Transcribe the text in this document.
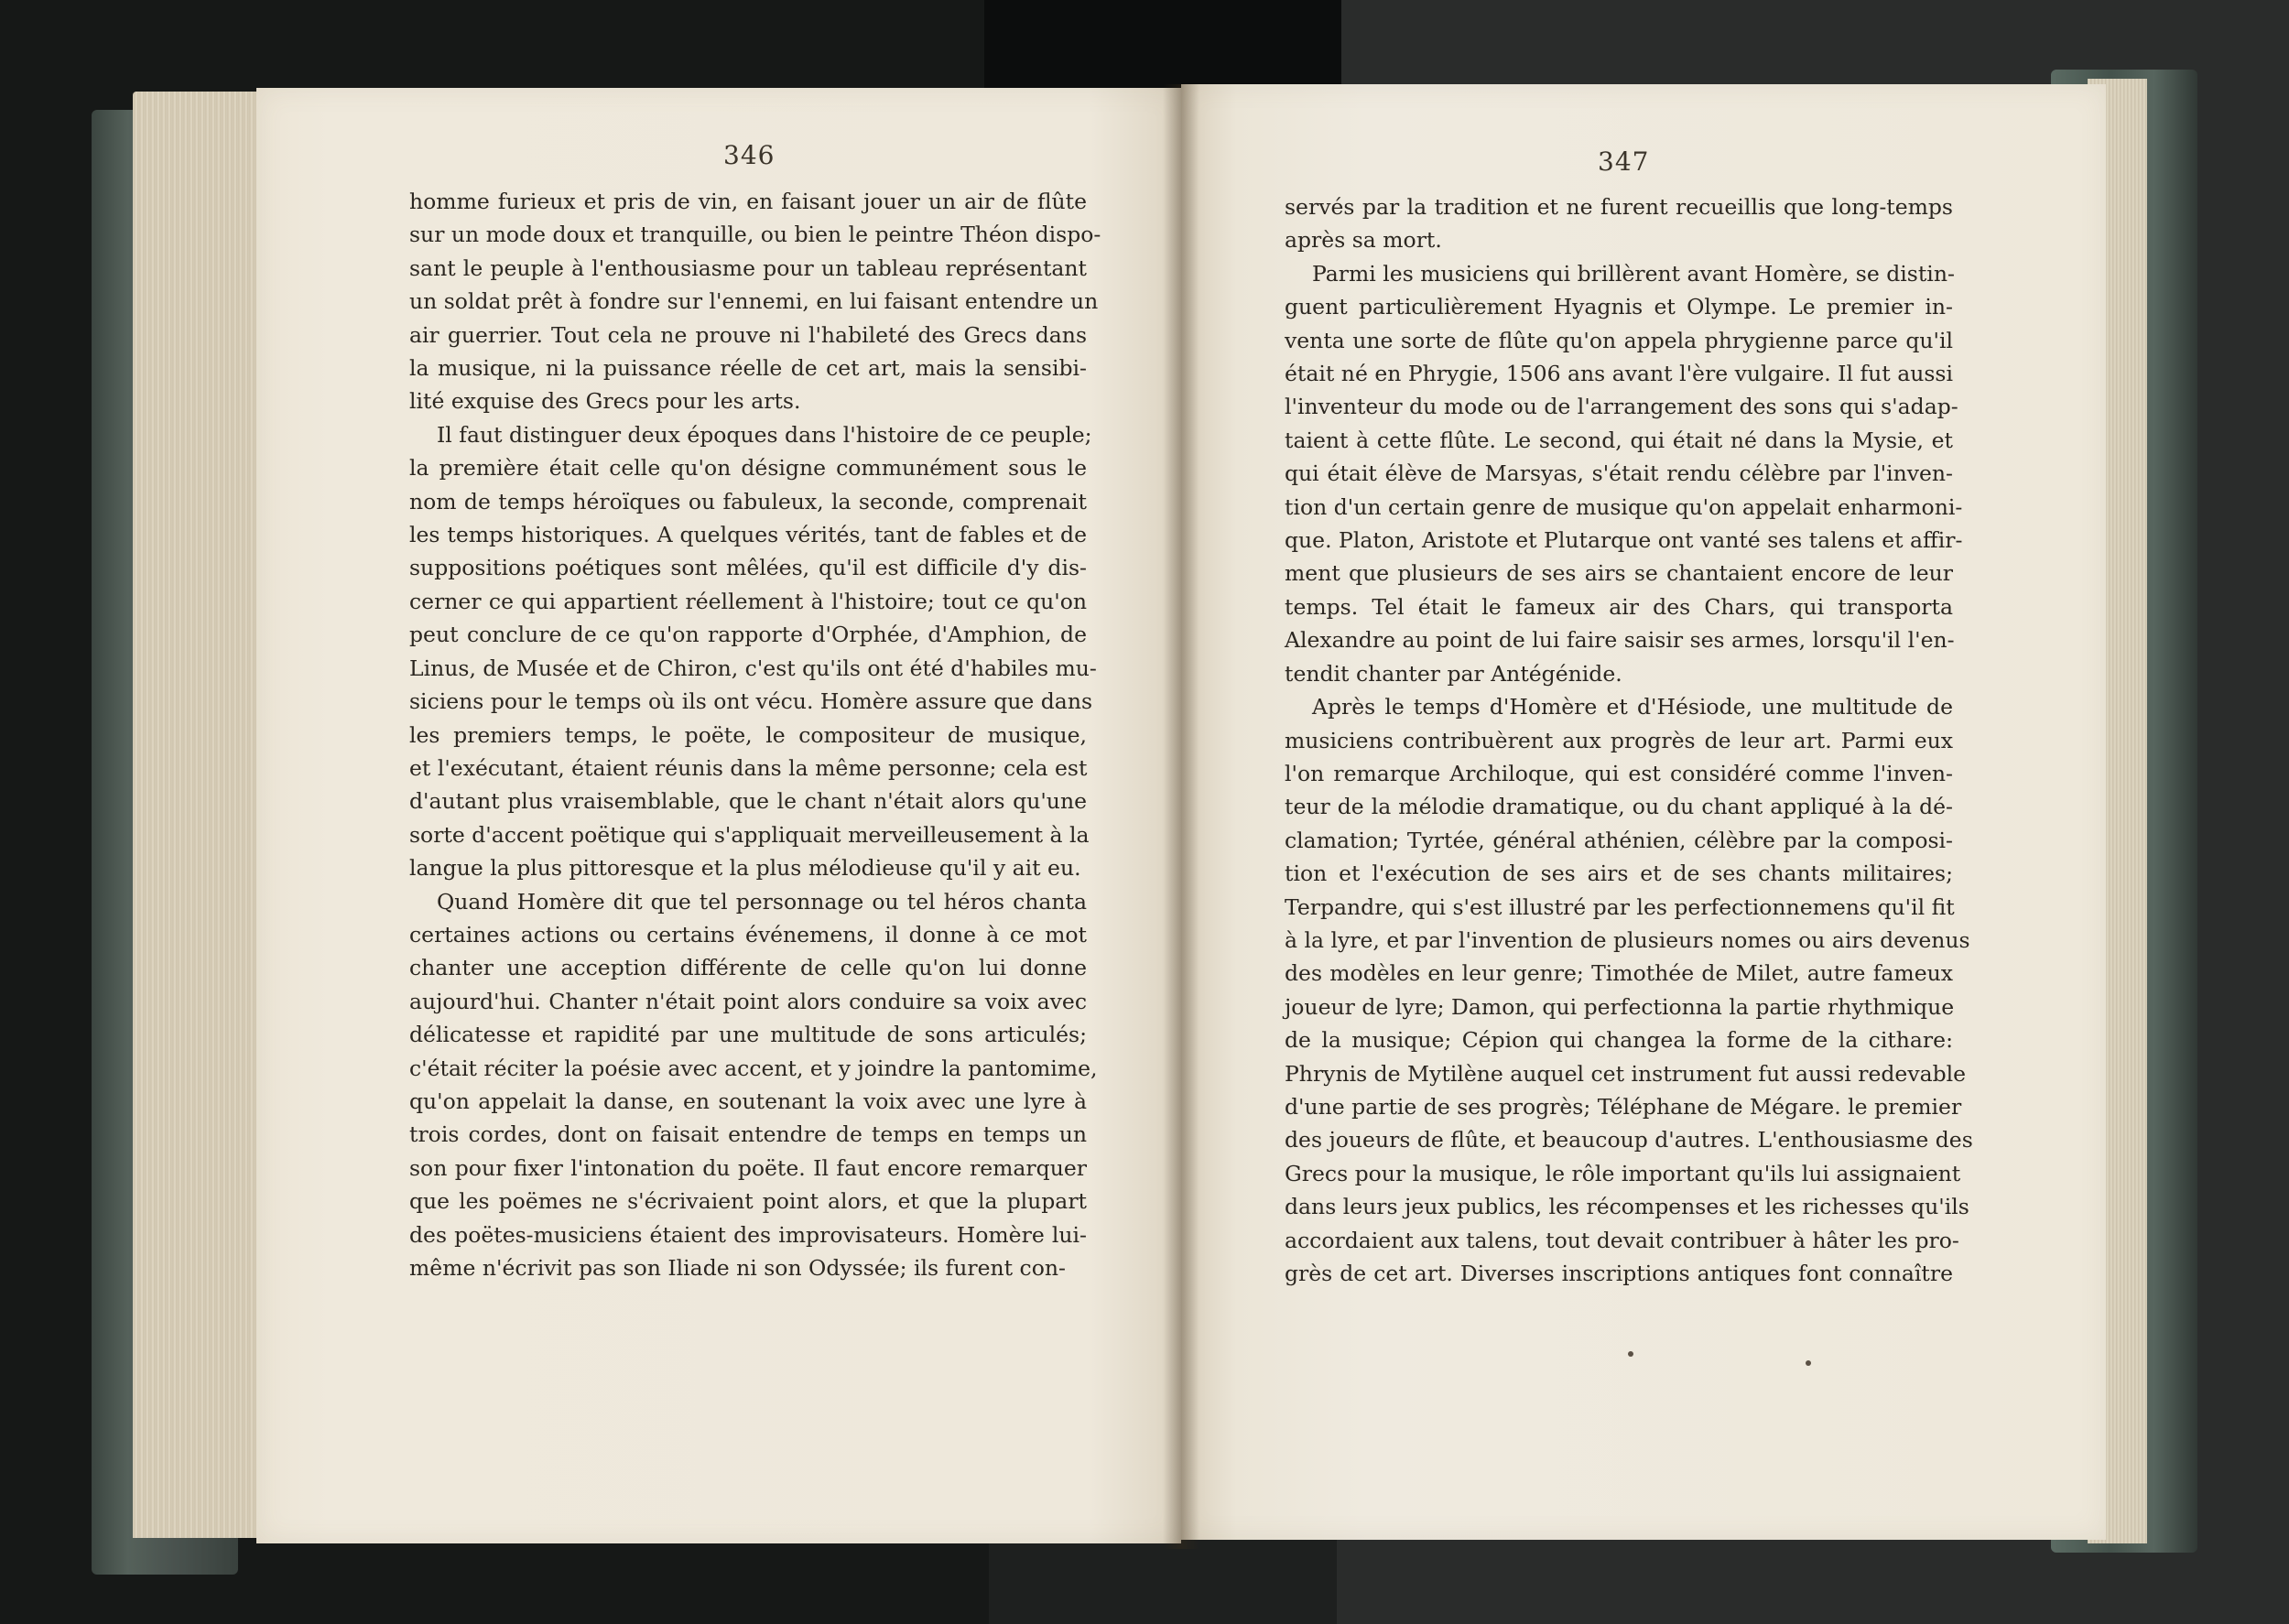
346	347
homme furieux et pris de vin, en faisant jouer un air de flûte
sur un mode doux et tranquille, ou bien le peintre Théon dispo-
sant le peuple à l'enthousiasme pour un tableau représentant
un soldat prêt à fondre sur l'ennemi, en lui faisant entendre un
air guerrier. Tout cela ne prouve ni l'habileté des Grecs dans
la musique, ni la puissance réelle de cet art, mais la sensibi-
lité exquise des Grecs pour les arts.
Il faut distinguer deux époques dans l'histoire de ce peuple;
la première était celle qu'on désigne communément sous le
nom de temps héroïques ou fabuleux, la seconde, comprenait
les temps historiques. A quelques vérités, tant de fables et de
suppositions poétiques sont mêlées, qu'il est difficile d'y dis-
cerner ce qui appartient réellement à l'histoire; tout ce qu'on
peut conclure de ce qu'on rapporte d'Orphée, d'Amphion, de
Linus, de Musée et de Chiron, c'est qu'ils ont été d'habiles mu-
siciens pour le temps où ils ont vécu. Homère assure que dans
les premiers temps, le poëte, le compositeur de musique,
et l'exécutant, étaient réunis dans la même personne; cela est
d'autant plus vraisemblable, que le chant n'était alors qu'une
sorte d'accent poëtique qui s'appliquait merveilleusement à la
langue la plus pittoresque et la plus mélodieuse qu'il y ait eu.
Quand Homère dit que tel personnage ou tel héros chanta
certaines actions ou certains événemens, il donne à ce mot
chanter une acception différente de celle qu'on lui donne
aujourd'hui. Chanter n'était point alors conduire sa voix avec
délicatesse et rapidité par une multitude de sons articulés;
c'était réciter la poésie avec accent, et y joindre la pantomime,
qu'on appelait la danse, en soutenant la voix avec une lyre à
trois cordes, dont on faisait entendre de temps en temps un
son pour fixer l'intonation du poëte. Il faut encore remarquer
que les poëmes ne s'écrivaient point alors, et que la plupart
des poëtes-musiciens étaient des improvisateurs. Homère lui-
même n'écrivit pas son Iliade ni son Odyssée; ils furent con-
servés par la tradition et ne furent recueillis que long-temps
après sa mort.
Parmi les musiciens qui brillèrent avant Homère, se distin-
guent particulièrement Hyagnis et Olympe. Le premier in-
venta une sorte de flûte qu'on appela phrygienne parce qu'il
était né en Phrygie, 1506 ans avant l'ère vulgaire. Il fut aussi
l'inventeur du mode ou de l'arrangement des sons qui s'adap-
taient à cette flûte. Le second, qui était né dans la Mysie, et
qui était élève de Marsyas, s'était rendu célèbre par l'inven-
tion d'un certain genre de musique qu'on appelait enharmoni-
que. Platon, Aristote et Plutarque ont vanté ses talens et affir-
ment que plusieurs de ses airs se chantaient encore de leur
temps. Tel était le fameux air des Chars, qui transporta
Alexandre au point de lui faire saisir ses armes, lorsqu'il l'en-
tendit chanter par Antégénide.
Après le temps d'Homère et d'Hésiode, une multitude de
musiciens contribuèrent aux progrès de leur art. Parmi eux
l'on remarque Archiloque, qui est considéré comme l'inven-
teur de la mélodie dramatique, ou du chant appliqué à la dé-
clamation; Tyrtée, général athénien, célèbre par la composi-
tion et l'exécution de ses airs et de ses chants militaires;
Terpandre, qui s'est illustré par les perfectionnemens qu'il fit
à la lyre, et par l'invention de plusieurs nomes ou airs devenus
des modèles en leur genre; Timothée de Milet, autre fameux
joueur de lyre; Damon, qui perfectionna la partie rhythmique
de la musique; Cépion qui changea la forme de la cithare:
Phrynis de Mytilène auquel cet instrument fut aussi redevable
d'une partie de ses progrès; Téléphane de Mégare. le premier
des joueurs de flûte, et beaucoup d'autres. L'enthousiasme des
Grecs pour la musique, le rôle important qu'ils lui assignaient
dans leurs jeux publics, les récompenses et les richesses qu'ils
accordaient aux talens, tout devait contribuer à hâter les pro-
grès de cet art. Diverses inscriptions antiques font connaître
